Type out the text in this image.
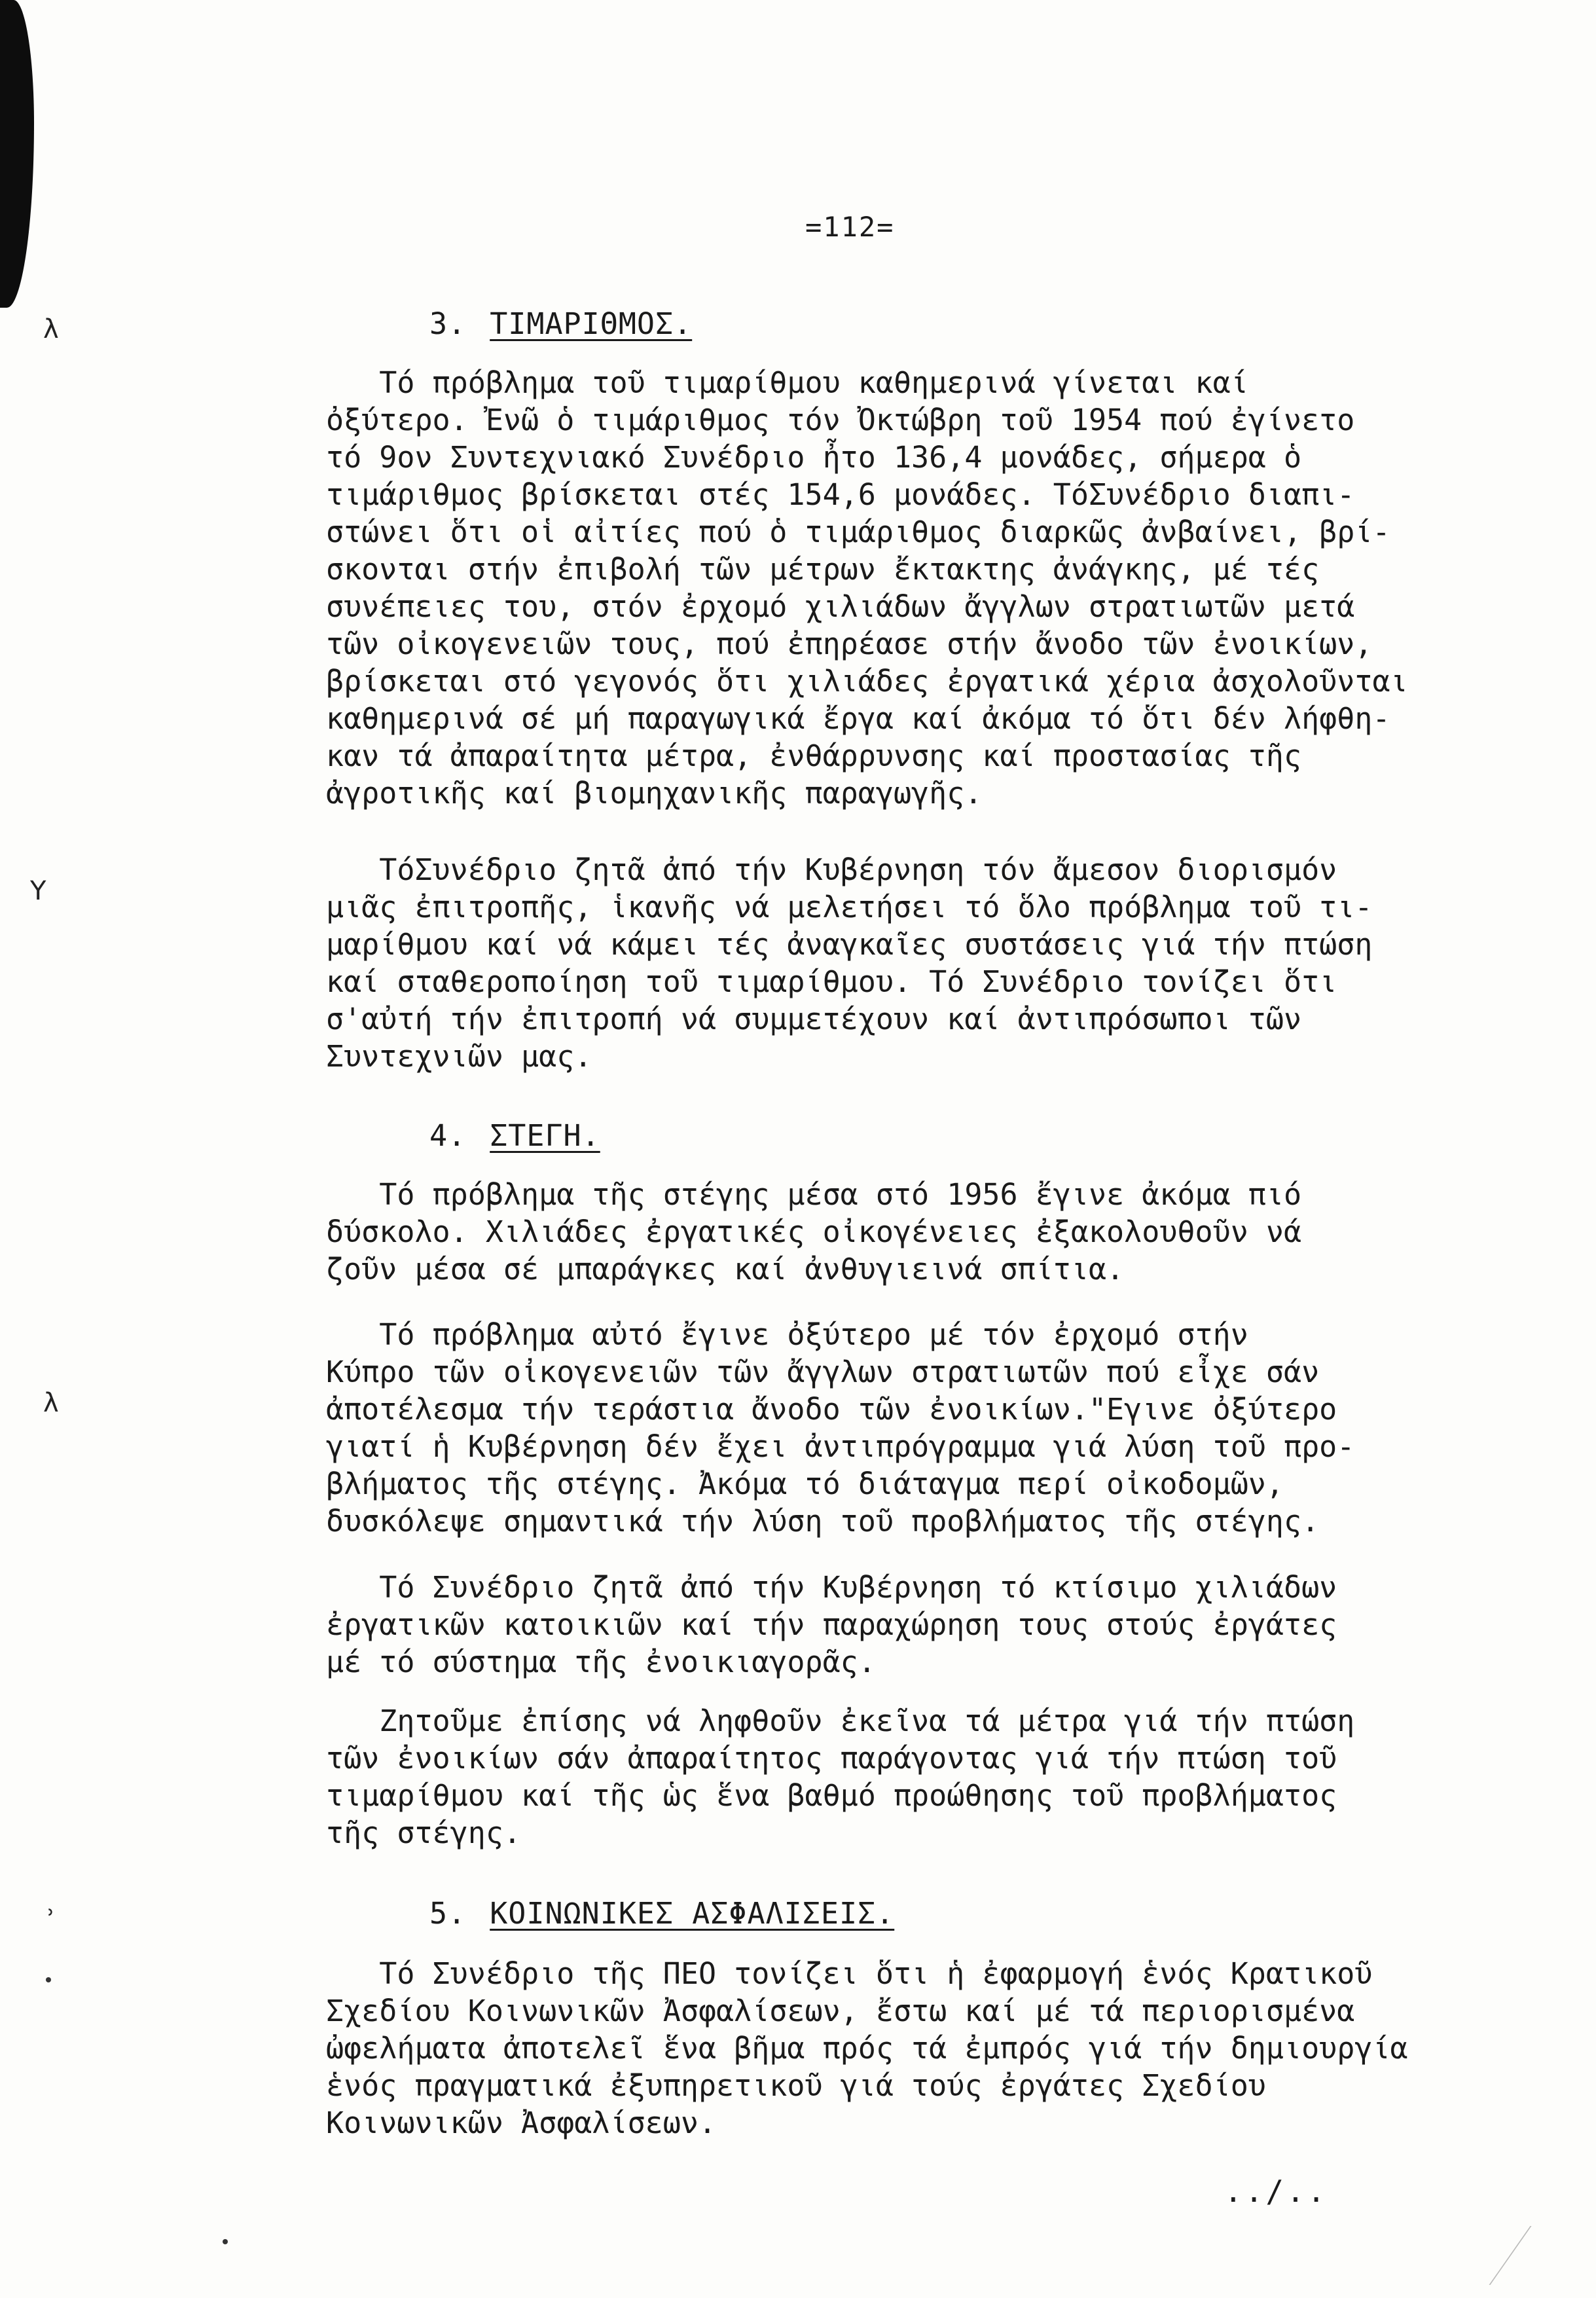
λ
Υ
λ
ʾ
=112=
3. ΤΙΜΑΡΙΘΜΟΣ.
Τό πρόβλημα τοῦ τιμαρίθμου καθημερινά γίνεται καί
ὀξύτερο. Ἐνῶ ὁ τιμάριθμος τόν Ὀκτώβρη τοῦ 1954 πού ἐγίνετο
τό 9ον Συντεχνιακό Συνέδριο ἦτο 136,4 μονάδες, σήμερα ὁ
τιμάριθμος βρίσκεται στές 154,6 μονάδες. ΤόΣυνέδριο διαπι-
στώνει ὅτι οἱ αἰτίες πού ὁ τιμάριθμος διαρκῶς ἀνβαίνει, βρί-
σκονται στήν ἐπιβολή τῶν μέτρων ἔκτακτης ἀνάγκης, μέ τές
συνέπειες του, στόν ἐρχομό χιλιάδων ἄγγλων στρατιωτῶν μετά
τῶν οἰκογενειῶν τους, πού ἐπηρέασε στήν ἄνοδο τῶν ἐνοικίων,
βρίσκεται στό γεγονός ὅτι χιλιάδες ἐργατικά χέρια ἀσχολοῦνται
καθημερινά σέ μή παραγωγικά ἔργα καί ἀκόμα τό ὅτι δέν λήφθη-
καν τά ἀπαραίτητα μέτρα, ἐνθάρρυνσης καί προστασίας τῆς
ἀγροτικῆς καί βιομηχανικῆς παραγωγῆς.
ΤόΣυνέδριο ζητᾶ ἀπό τήν Κυβέρνηση τόν ἄμεσον διορισμόν
μιᾶς ἐπιτροπῆς, ἱκανῆς νά μελετήσει τό ὅλο πρόβλημα τοῦ τι-
μαρίθμου καί νά κάμει τές ἀναγκαῖες συστάσεις γιά τήν πτώση
καί σταθεροποίηση τοῦ τιμαρίθμου. Τό Συνέδριο τονίζει ὅτι
σ'αὐτή τήν ἐπιτροπή νά συμμετέχουν καί ἀντιπρόσωποι τῶν
Συντεχνιῶν μας.
4. ΣΤΕΓΗ.
Τό πρόβλημα τῆς στέγης μέσα στό 1956 ἔγινε ἀκόμα πιό
δύσκολο. Χιλιάδες ἐργατικές οἰκογένειες ἐξακολουθοῦν νά
ζοῦν μέσα σέ μπαράγκες καί ἀνθυγιεινά σπίτια.
Τό πρόβλημα αὐτό ἔγινε ὀξύτερο μέ τόν ἐρχομό στήν
Κύπρο τῶν οἰκογενειῶν τῶν ἄγγλων στρατιωτῶν πού εἶχε σάν
ἀποτέλεσμα τήν τεράστια ἄνοδο τῶν ἐνοικίων."Εγινε ὀξύτερο
γιατί ἡ Κυβέρνηση δέν ἔχει ἀντιπρόγραμμα γιά λύση τοῦ προ-
βλήματος τῆς στέγης. Ἀκόμα τό διάταγμα περί οἰκοδομῶν,
δυσκόλεψε σημαντικά τήν λύση τοῦ προβλήματος τῆς στέγης.
Τό Συνέδριο ζητᾶ ἀπό τήν Κυβέρνηση τό κτίσιμο χιλιάδων
ἐργατικῶν κατοικιῶν καί τήν παραχώρηση τους στούς ἐργάτες
μέ τό σύστημα τῆς ἐνοικιαγορᾶς.
Ζητοῦμε ἐπίσης νά ληφθοῦν ἐκεῖνα τά μέτρα γιά τήν πτώση
τῶν ἐνοικίων σάν ἀπαραίτητος παράγοντας γιά τήν πτώση τοῦ
τιμαρίθμου καί τῆς ὡς ἕνα βαθμό προώθησης τοῦ προβλήματος
τῆς στέγης.
5. ΚΟΙΝΩΝΙΚΕΣ ΑΣΦΑΛΙΣΕΙΣ.
Τό Συνέδριο τῆς ΠΕΟ τονίζει ὅτι ἡ ἐφαρμογή ἑνός Κρατικοῦ
Σχεδίου Κοινωνικῶν Ἀσφαλίσεων, ἔστω καί μέ τά περιορισμένα
ὠφελήματα ἀποτελεῖ ἕνα βῆμα πρός τά ἐμπρός γιά τήν δημιουργία
ἑνός πραγματικά ἐξυπηρετικοῦ γιά τούς ἐργάτες Σχεδίου
Κοινωνικῶν Ἀσφαλίσεων.
../..
